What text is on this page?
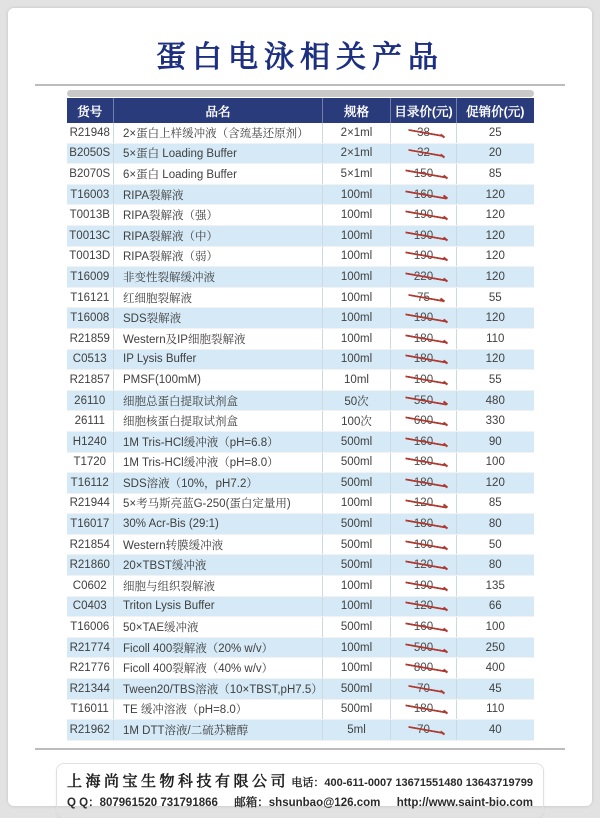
蛋白电泳相关产品
货号	品名	规格	目录价(元)	促销价(元)
R21948	2×蛋白上样缓冲液（含巯基还原剂）	2×1ml	38	25
B2050S	5×蛋白 Loading Buffer	2×1ml	32	20
B2070S	6×蛋白 Loading Buffer	5×1ml	150	85
T16003	RIPA裂解液	100ml	160	120
T0013B	RIPA裂解液（强）	100ml	190	120
T0013C	RIPA裂解液（中）	100ml	190	120
T0013D	RIPA裂解液（弱）	100ml	190	120
T16009	非变性裂解缓冲液	100ml	220	120
T16121	红细胞裂解液	100ml	75	55
T16008	SDS裂解液	100ml	190	120
R21859	Western及IP细胞裂解液	100ml	180	110
C0513	IP Lysis Buffer	100ml	180	120
R21857	PMSF(100mM)	10ml	100	55
26110	细胞总蛋白提取试剂盒	50次	550	480
26111	细胞核蛋白提取试剂盒	100次	600	330
H1240	1M Tris-HCl缓冲液（pH=6.8）	500ml	160	90
T1720	1M Tris-HCl缓冲液（pH=8.0）	500ml	180	100
T16112	SDS溶液（10%，pH7.2）	500ml	180	120
R21944	5×考马斯亮蓝G-250(蛋白定量用)	100ml	120	85
T16017	30% Acr-Bis (29:1)	500ml	180	80
R21854	Western转膜缓冲液	500ml	100	50
R21860	20×TBST缓冲液	500ml	120	80
C0602	细胞与组织裂解液	100ml	190	135
C0403	Triton Lysis Buffer	100ml	120	66
T16006	50×TAE缓冲液	500ml	160	100
R21774	Ficoll 400裂解液（20% w/v）	100ml	500	250
R21776	Ficoll 400裂解液（40% w/v）	100ml	800	400
R21344	Tween20/TBS溶液（10×TBST,pH7.5）	500ml	70	45
T16011	TE 缓冲溶液（pH=8.0）	500ml	180	110
R21962	1M DTT溶液/二硫苏糖醇	5ml	70	40
上海尚宝生物科技有限公司 电话：400-611-0007 13671551480 13643719799
Q Q：807961520 731791866 邮箱：shsunbao@126.com http://www.saint-bio.com
